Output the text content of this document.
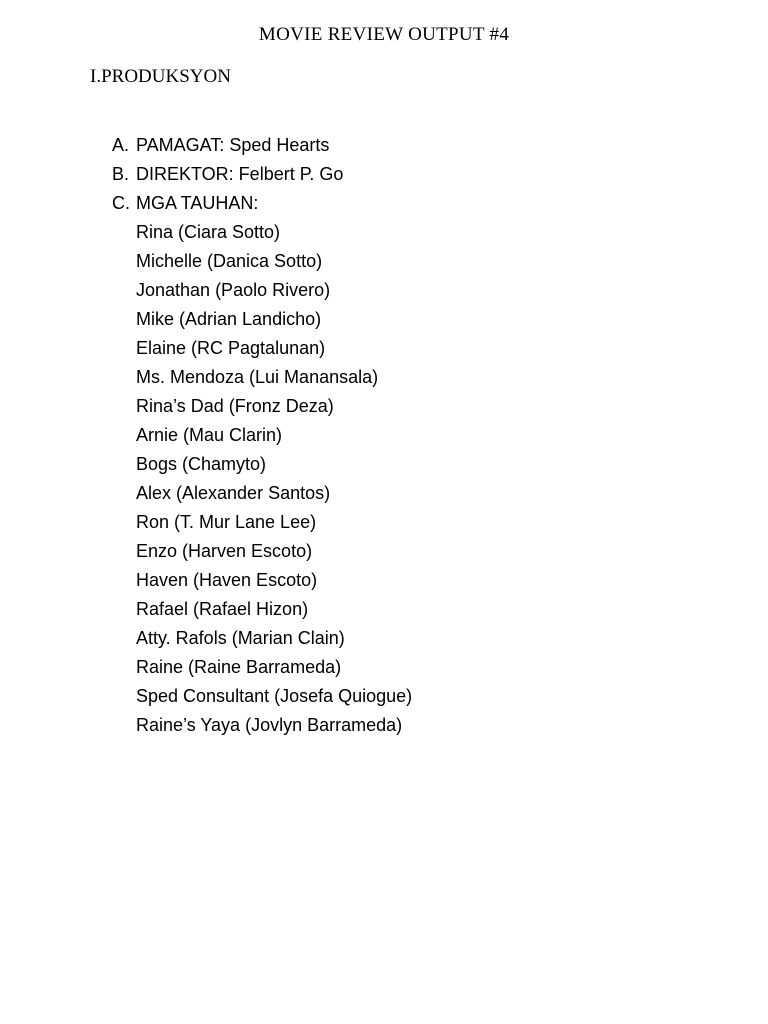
MOVIE REVIEW OUTPUT #4
I.PRODUKSYON
A. PAMAGAT: Sped Hearts
B. DIREKTOR: Felbert P. Go
C. MGA TAUHAN:
Rina (Ciara Sotto)
Michelle (Danica Sotto)
Jonathan (Paolo Rivero)
Mike (Adrian Landicho)
Elaine (RC Pagtalunan)
Ms. Mendoza (Lui Manansala)
Rina’s Dad (Fronz Deza)
Arnie (Mau Clarin)
Bogs (Chamyto)
Alex (Alexander Santos)
Ron (T. Mur Lane Lee)
Enzo (Harven Escoto)
Haven (Haven Escoto)
Rafael (Rafael Hizon)
Atty. Rafols (Marian Clain)
Raine (Raine Barrameda)
Sped Consultant (Josefa Quiogue)
Raine’s Yaya (Jovlyn Barrameda)
